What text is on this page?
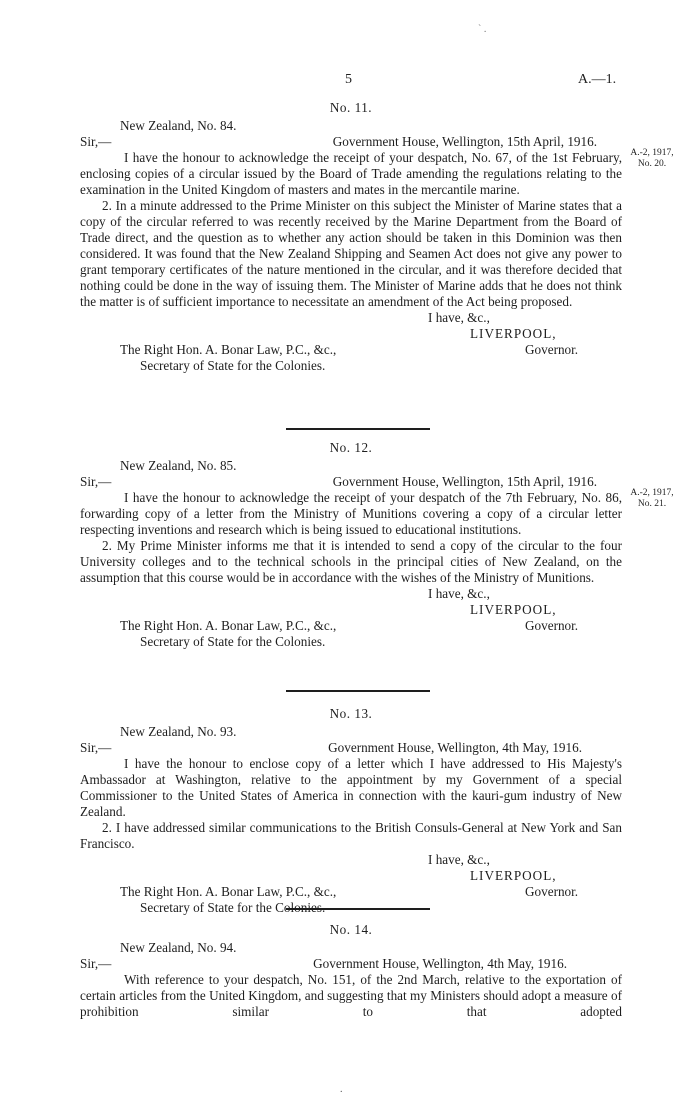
` .
5	A.—1.
No. 11.
New Zealand, No. 84.
Sir,—	Government House, Wellington, 15th April, 1916.

I have the honour to acknowledge the receipt of your despatch, No. 67, of the 1st February, enclosing copies of a circular issued by the Board of Trade amending the regulations relating to the examination in the United Kingdom of masters and mates in the mercantile marine.

2. In a minute addressed to the Prime Minister on this subject the Minister of Marine states that a copy of the circular referred to was recently received by the Marine Department from the Board of Trade direct, and the question as to whether any action should be taken in this Dominion was then considered. It was found that the New Zealand Shipping and Seamen Act does not give any power to grant temporary certificates of the nature mentioned in the circular, and it was therefore decided that nothing could be done in the way of issuing them. The Minister of Marine adds that he does not think the matter is of sufficient importance to necessitate an amendment of the Act being proposed.

I have, &c.,
LIVERPOOL,
The Right Hon. A. Bonar Law, P.C., &c.,
Secretary of State for the Colonies.
Governor.
A.-2, 1917,
No. 20.
No. 12.
New Zealand, No. 85.
Sir,—	Government House, Wellington, 15th April, 1916.

I have the honour to acknowledge the receipt of your despatch of the 7th February, No. 86, forwarding copy of a letter from the Ministry of Munitions covering a copy of a circular letter respecting inventions and research which is being issued to educational institutions.

2. My Prime Minister informs me that it is intended to send a copy of the circular to the four University colleges and to the technical schools in the principal cities of New Zealand, on the assumption that this course would be in accordance with the wishes of the Ministry of Munitions.

I have, &c.,
LIVERPOOL,
The Right Hon. A. Bonar Law, P.C., &c.,
Secretary of State for the Colonies.
Governor.
A.-2, 1917,
No. 21.
No. 13.
New Zealand, No. 93.
Sir,—	Government House, Wellington, 4th May, 1916.

I have the honour to enclose copy of a letter which I have addressed to His Majesty's Ambassador at Washington, relative to the appointment by my Government of a special Commissioner to the United States of America in connection with the kauri-gum industry of New Zealand.

2. I have addressed similar communications to the British Consuls-General at New York and San Francisco.

I have, &c.,
LIVERPOOL,
The Right Hon. A. Bonar Law, P.C., &c.,
Secretary of State for the Colonies.
Governor.
No. 14.
New Zealand, No. 94.
Sir,—	Government House, Wellington, 4th May, 1916.

With reference to your despatch, No. 151, of the 2nd March, relative to the exportation of certain articles from the United Kingdom, and suggesting that my Ministers should adopt a measure of prohibition similar to that adopted

.
